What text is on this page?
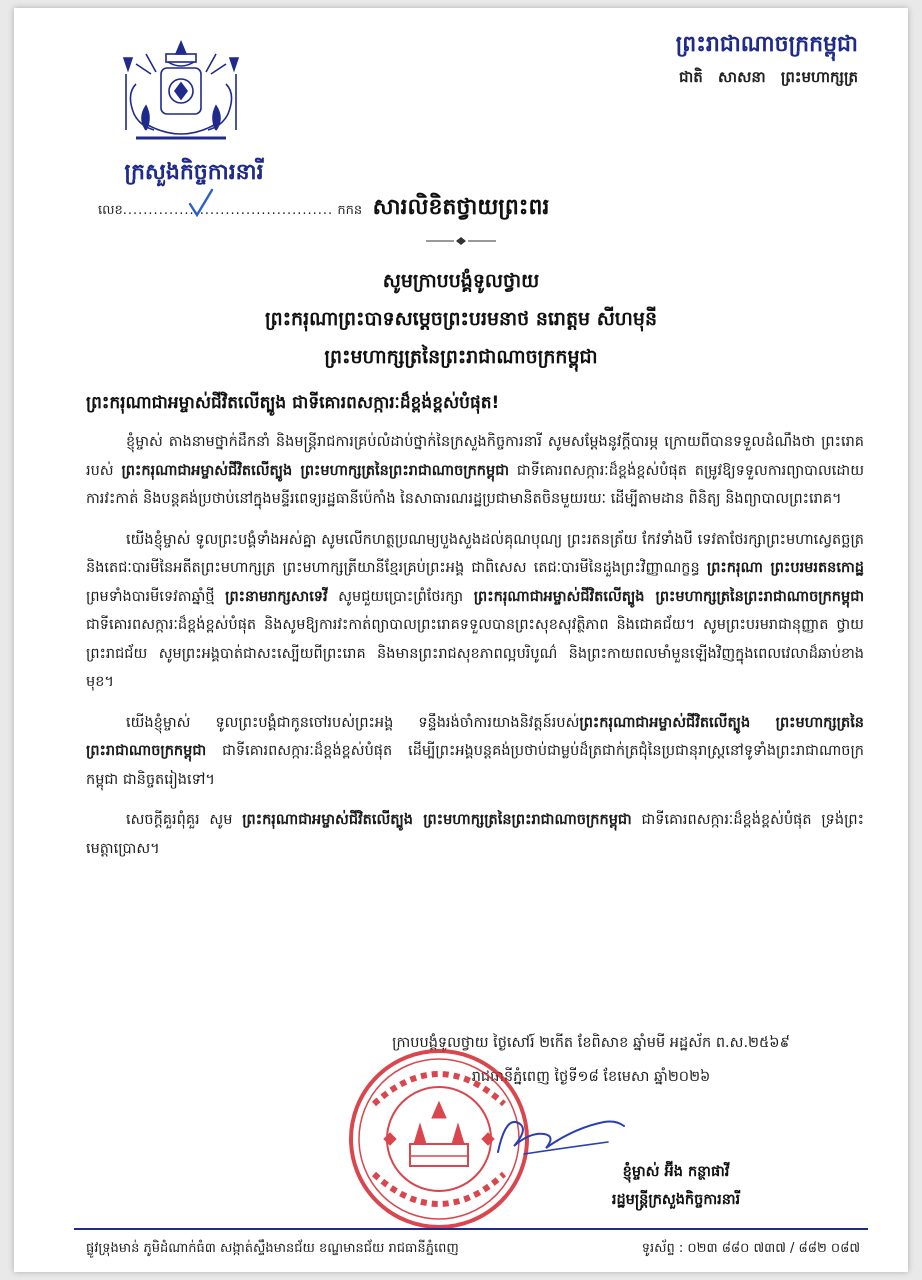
ក្រសួងកិច្ចការនារី
លេខ......................................... កកន
ព្រះរាជាណាចក្រកម្ពុជា
ជាតិ សាសនា ព្រះមហាក្សត្រ
សារលិខិតថ្វាយព្រះពរ
សូមក្រាបបង្គំទូលថ្វាយ
ព្រះករុណាព្រះបាទសម្តេចព្រះបរមនាថ នរោត្តម សីហមុនី
ព្រះមហាក្សត្រនៃព្រះរាជាណាចក្រកម្ពុជា
ព្រះករុណាជាអម្ចាស់ជីវិតលើត្បូង ជាទីគោរពសក្ការៈដ៏ខ្ពង់ខ្ពស់បំផុត!

ខ្ញុំម្ចាស់ តាងនាមថ្នាក់ដឹកនាំ និងមន្ត្រីរាជការគ្រប់លំដាប់ថ្នាក់នៃក្រសួងកិច្ចការនារី សូមសម្តែងនូវក្តីបារម្ភ ក្រោយពីបានទទួលដំណឹងថា ព្រះរោគរបស់ ព្រះករុណាជាអម្ចាស់ជីវិតលើត្បូង ព្រះមហាក្សត្រនៃព្រះរាជាណាចក្រកម្ពុជា ជាទីគោរពសក្ការៈដ៏ខ្ពង់ខ្ពស់បំផុត តម្រូវឱ្យទទួលការព្យាបាលដោយការវះកាត់ និងបន្តគង់ប្រថាប់នៅក្នុងមន្ទីរពេទ្យរដ្ឋធានីប៉េកាំង នៃសាធារណរដ្ឋប្រជាមានិតចិនមួយរយៈ ដើម្បីតាមដាន ពិនិត្យ និងព្យាបាលព្រះរោគ។

យើងខ្ញុំម្ចាស់ ទូលព្រះបង្គំទាំងអស់គ្នា សូមលើកហត្ថប្រណម្យបួងសួងដល់គុណបុណ្យ ព្រះរតនត្រ័យ កែវទាំងបី ទេវតាថែរក្សាព្រះមហាស្វេតច្ឆត្រ និងតេជៈបារមីនៃអតីតព្រះមហាក្សត្រ ព្រះមហាក្សត្រីយានីខ្មែរគ្រប់ព្រះអង្គ ជាពិសេស តេជៈបារមីនៃដួងព្រះវិញ្ញាណក្ខន្ធ ព្រះករុណា ព្រះបរមរតនកោដ្ឋ ព្រមទាំងបារមីទេវតាឆ្នាំថ្មី ព្រះនាមរាក្សសាទេវី សូមជួយប្រោះព្រំថែរក្សា ព្រះករុណាជាអម្ចាស់ជីវិតលើត្បូង ព្រះមហាក្សត្រនៃព្រះរាជាណាចក្រកម្ពុជា ជាទីគោរពសក្ការៈដ៏ខ្ពង់ខ្ពស់បំផុត និងសូមឱ្យការវះកាត់ព្យាបាលព្រះរោគទទួលបានព្រះសុខសុវត្ថិភាព និងជោគជ័យ។ សូមព្រះបរមរាជានុញ្ញាត ថ្វាយព្រះរាជជ័យ សូមព្រះអង្គបាត់ជាសះស្បើយពីព្រះរោគ និងមានព្រះរាជសុខភាពល្អបរិបូណ៌ និងព្រះកាយពលមាំមួនឡើងវិញក្នុងពេលវេលាដ៏ឆាប់ខាងមុខ។

យើងខ្ញុំម្ចាស់ ទូលព្រះបង្គំជាកូនចៅរបស់ព្រះអង្គ ទន្ទឹងរង់ចាំការយាងនិវត្តន៍របស់ព្រះករុណាជាអម្ចាស់ជីវិតលើត្បូង ព្រះមហាក្សត្រនៃព្រះរាជាណាចក្រកម្ពុជា ជាទីគោរពសក្ការៈដ៏ខ្ពង់ខ្ពស់បំផុត ដើម្បីព្រះអង្គបន្តគង់ប្រថាប់ជាម្លប់ដ៏ត្រជាក់ត្រជុំនៃប្រជានុរាស្ត្រនៅទូទាំងព្រះរាជាណាចក្រកម្ពុជា ជានិច្ចតរៀងទៅ។

សេចក្តីគួរពុំគួរ សូម ព្រះករុណាជាអម្ចាស់ជីវិតលើត្បូង ព្រះមហាក្សត្រនៃព្រះរាជាណាចក្រកម្ពុជា ជាទីគោរពសក្ការៈដ៏ខ្ពង់ខ្ពស់បំផុត ទ្រង់ព្រះមេត្តាប្រោស។

ក្រាបបង្គំទូលថ្វាយ ថ្ងៃសៅរ៍ ២កើត ខែពិសាខ ឆ្នាំមមី អដ្ឋស័ក ព.ស.២៥៦៩
រាជធានីភ្នំពេញ ថ្ងៃទី១៨ ខែមេសា ឆ្នាំ២០២៦
ខ្ញុំម្ចាស់ អ៊ីង កន្ថាផាវី
រដ្ឋមន្ត្រីក្រសួងកិច្ចការនារី
ផ្លូវទ្រុងមាន់ ភូមិដំណាក់ធំ៣ សង្កាត់ស្ទឹងមានជ័យ ខណ្ឌមានជ័យ រាជធានីភ្នំពេញ	ទូរស័ព្ទ : ០២៣ ៨៨០ ៧៣៧ / ៨៨២ ០៨៧
